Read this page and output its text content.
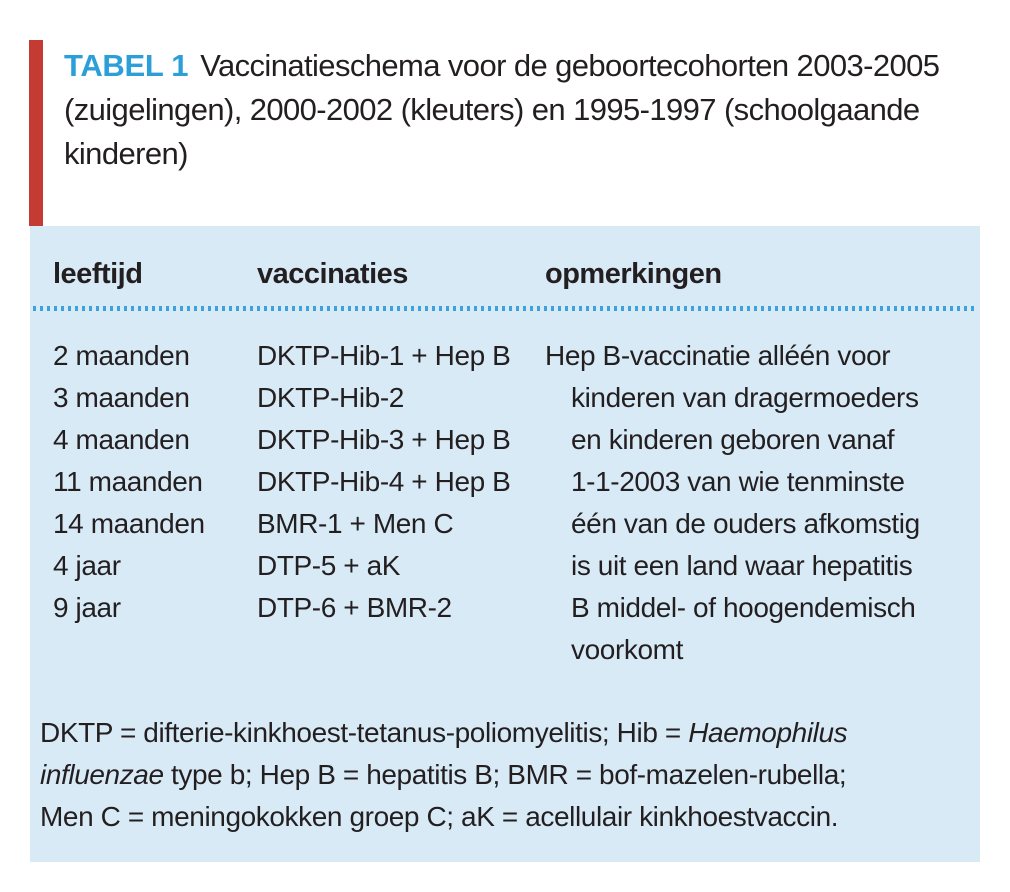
TABEL 1 Vaccinatieschema voor de geboortecohorten 2003-2005
(zuigelingen), 2000-2002 (kleuters) en 1995-1997 (schoolgaande
kinderen)
leeftijd	vaccinaties	opmerkingen
2 maanden
3 maanden
4 maanden
11 maanden
14 maanden
4 jaar
9 jaar
DKTP-Hib-1 + Hep B
DKTP-Hib-2
DKTP-Hib-3 + Hep B
DKTP-Hib-4 + Hep B
BMR-1 + Men C
DTP-5 + aK
DTP-6 + BMR-2
Hep B-vaccinatie alléén voor
kinderen van dragermoeders
en kinderen geboren vanaf
1-1-2003 van wie tenminste
één van de ouders afkomstig
is uit een land waar hepatitis
B middel- of hoogendemisch
voorkomt
DKTP = difterie-kinkhoest-tetanus-poliomyelitis; Hib = Haemophilus
influenzae type b; Hep B = hepatitis B; BMR = bof-mazelen-rubella;
Men C = meningokokken groep C; aK = acellulair kinkhoestvaccin.
